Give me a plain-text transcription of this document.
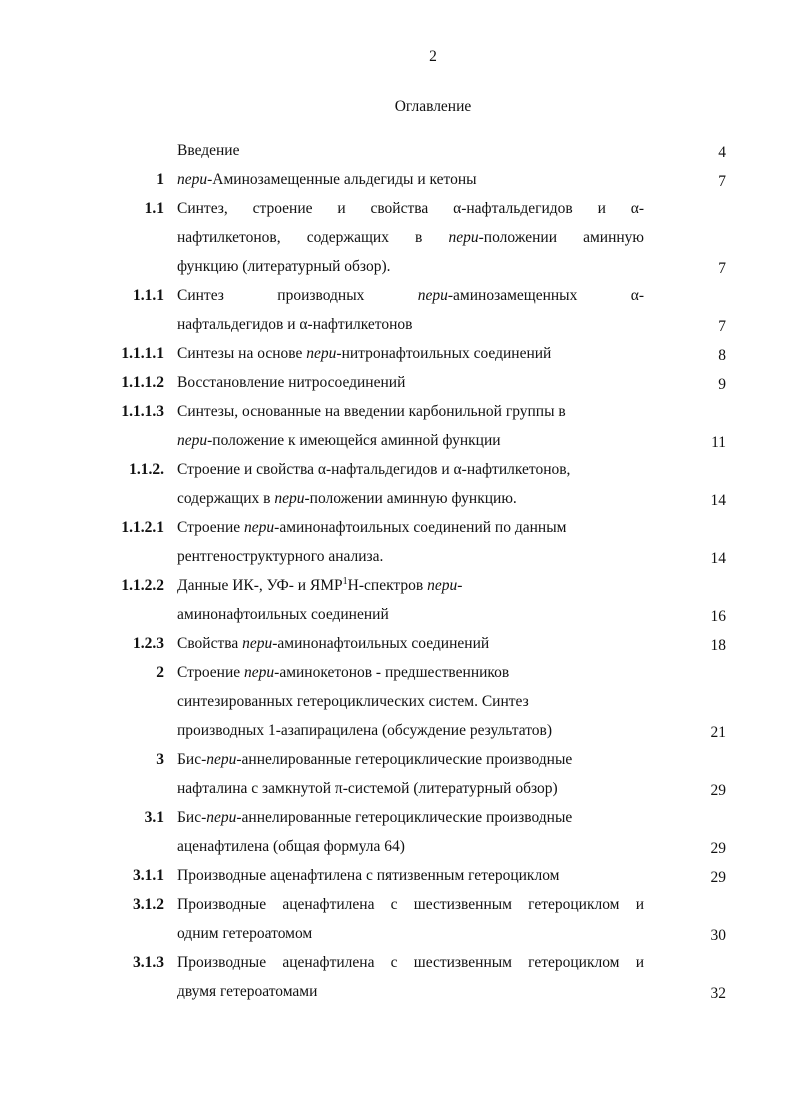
2
Оглавление
Введение	4
1 пери-Аминозамещенные альдегиды и кетоны	7
1.1 Синтез, строение и свойства α-нафтальдегидов и α-
нафтилкетонов, содержащих в пери-положении аминную
функцию (литературный обзор).	7
1.1.1 Синтез производных пери-аминозамещенных α-
нафтальдегидов и α-нафтилкетонов	7
1.1.1.1 Синтезы на основе пери-нитронафтоильных соединений	8
1.1.1.2 Восстановление нитросоединений	9
1.1.1.3 Синтезы, основанные на введении карбонильной группы в
пери-положение к имеющейся аминной функции	11
1.1.2. Строение и свойства α-нафтальдегидов и α-нафтилкетонов,
содержащих в пери-положении аминную функцию.	14
1.1.2.1 Строение пери-аминонафтоильных соединений по данным
рентгеноструктурного анализа.	14
1.1.2.2 Данные ИК-, УФ- и ЯМР$^1$Н-спектров пери-
аминонафтоильных соединений	16
1.2.3 Свойства пери-аминонафтоильных соединений	18
2 Строение пери-аминокетонов - предшественников
синтезированных гетероциклических систем. Синтез
производных 1-азапирацилена (обсуждение результатов)	21
3 Бис-пери-аннелированные гетероциклические производные
нафталина с замкнутой π-системой (литературный обзор)	29
3.1 Бис-пери-аннелированные гетероциклические производные
аценафтилена (общая формула 64)	29
3.1.1 Производные аценафтилена с пятизвенным гетероциклом	29
3.1.2 Производные аценафтилена с шестизвенным гетероциклом и
одним гетероатомом	30
3.1.3 Производные аценафтилена с шестизвенным гетероциклом и
двумя гетероатомами	32
